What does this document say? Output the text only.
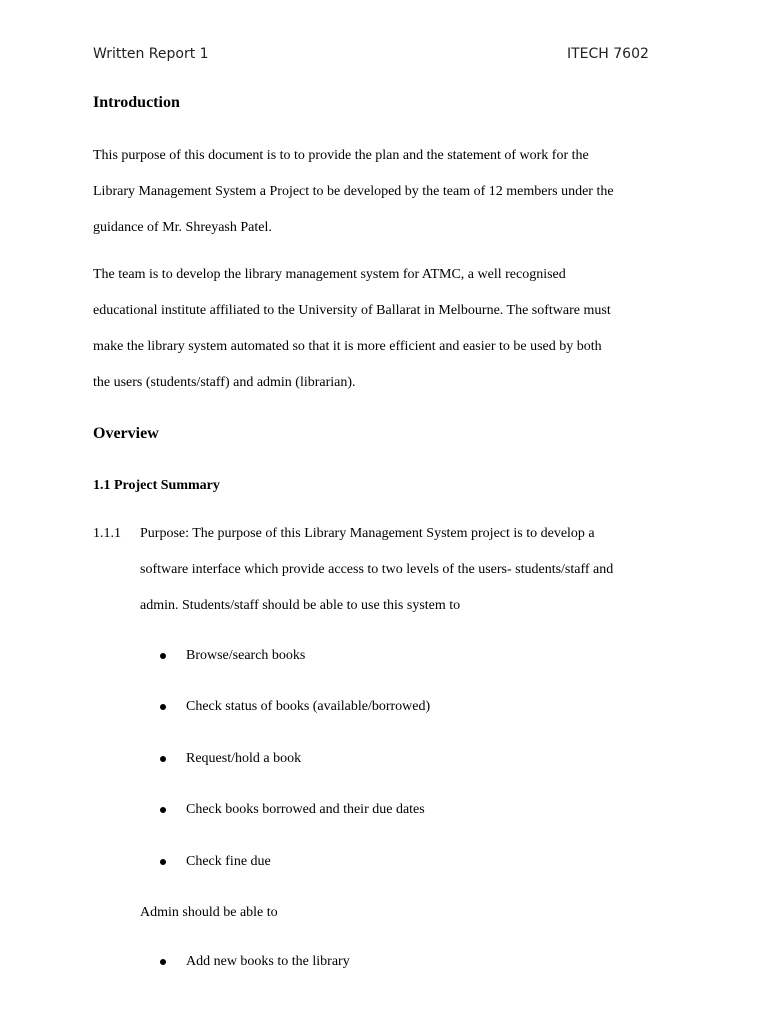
Written Report 1	ITECH 7602
Introduction
This purpose of this document is to to provide the plan and the statement of work for the
Library Management System a Project to be developed by the team of 12 members under the
guidance of Mr. Shreyash Patel.
The team is to develop the library management system for ATMC, a well recognised
educational institute affiliated to the University of Ballarat in Melbourne. The software must
make the library system automated so that it is more efficient and easier to be used by both
the users (students/staff) and admin (librarian).
Overview
1.1 Project Summary
1.1.1 Purpose: The purpose of this Library Management System project is to develop a
software interface which provide access to two levels of the users- students/staff and
admin. Students/staff should be able to use this system to
Browse/search books
Check status of books (available/borrowed)
Request/hold a book
Check books borrowed and their due dates
Check fine due
Admin should be able to
Add new books to the library
